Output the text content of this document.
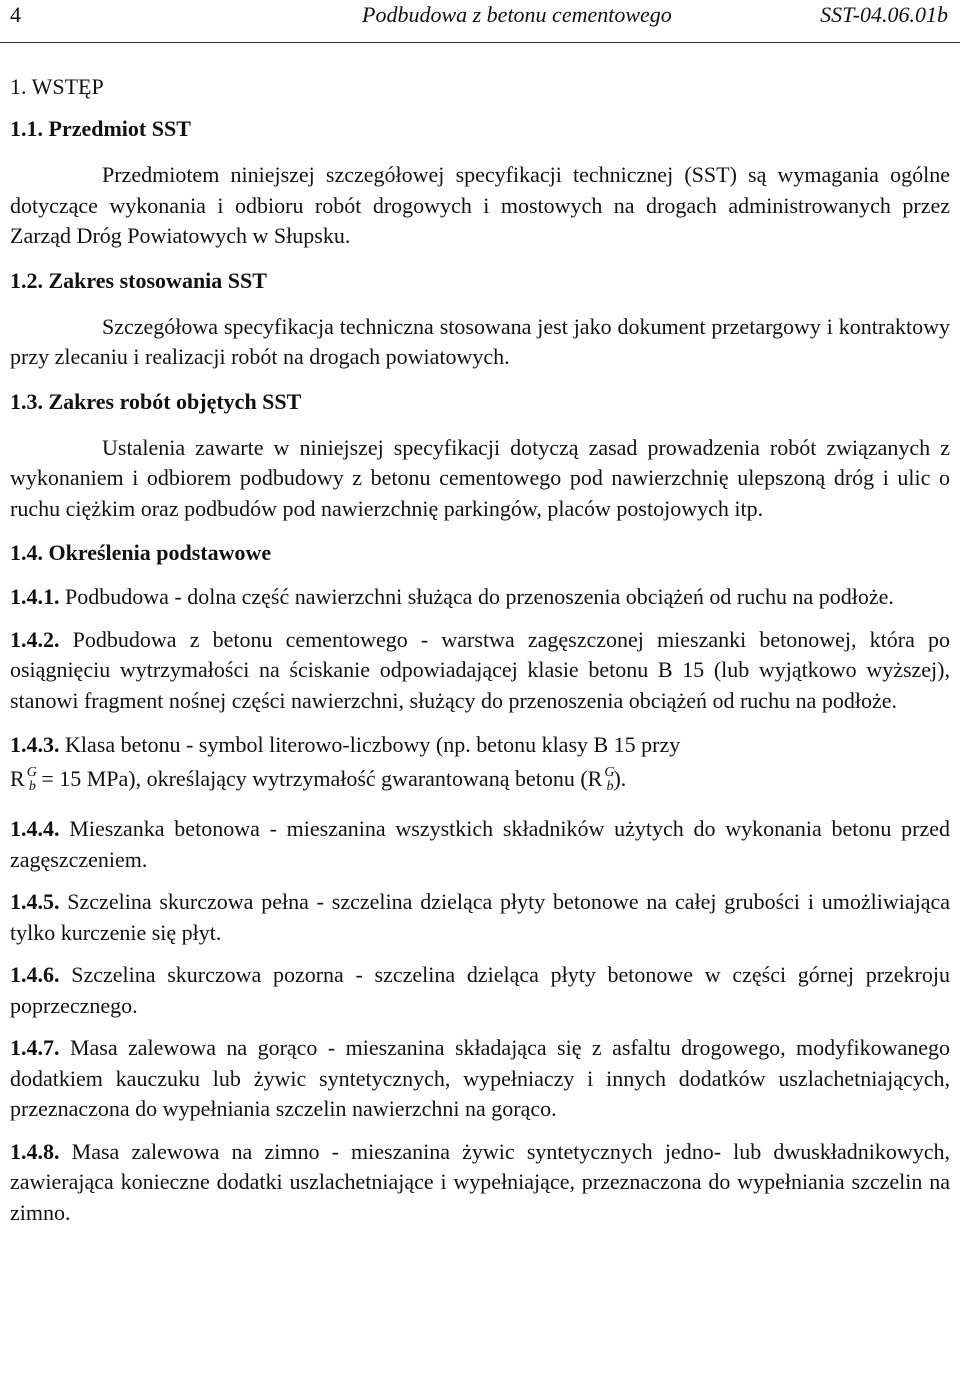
4	Podbudowa z betonu cementowego	SST-04.06.01b
1. WSTĘP
1.1. Przedmiot SST

Przedmiotem niniejszej szczegółowej specyfikacji technicznej (SST) są wymagania ogólne dotyczące wykonania i odbioru robót drogowych i mostowych na drogach administrowanych przez Zarząd Dróg Powiatowych w Słupsku.

1.2. Zakres stosowania SST

Szczegółowa specyfikacja techniczna stosowana jest jako dokument przetargowy i kontraktowy przy zlecaniu i realizacji robót na drogach powiatowych.

1.3. Zakres robót objętych SST

Ustalenia zawarte w niniejszej specyfikacji dotyczą zasad prowadzenia robót związanych z wykonaniem i odbiorem podbudowy z betonu cementowego pod nawierzchnię ulepszoną dróg i ulic o ruchu ciężkim oraz podbudów pod nawierzchnię parkingów, placów postojowych itp.

1.4. Określenia podstawowe

1.4.1. Podbudowa - dolna część nawierzchni służąca do przenoszenia obciążeń od ruchu na podłoże.

1.4.2. Podbudowa z betonu cementowego - warstwa zagęszczonej mieszanki betonowej, która po osiągnięciu wytrzymałości na ściskanie odpowiadającej klasie betonu B 15 (lub wyjątkowo wyższej), stanowi fragment nośnej części nawierzchni, służący do przenoszenia obciążeń od ruchu na podłoże.

1.4.3. Klasa betonu - symbol literowo-liczbowy (np. betonu klasy B 15 przy
R $^G$b = 15 MPa), określający wytrzymałość gwarantowaną betonu (R $^G$b).

1.4.4. Mieszanka betonowa - mieszanina wszystkich składników użytych do wykonania betonu przed zagęszczeniem.

1.4.5. Szczelina skurczowa pełna - szczelina dzieląca płyty betonowe na całej grubości i umożliwiająca tylko kurczenie się płyt.

1.4.6. Szczelina skurczowa pozorna - szczelina dzieląca płyty betonowe w części górnej przekroju poprzecznego.

1.4.7. Masa zalewowa na gorąco - mieszanina składająca się z asfaltu drogowego, modyfikowanego dodatkiem kauczuku lub żywic syntetycznych, wypełniaczy i innych dodatków uszlachetniających, przeznaczona do wypełniania szczelin nawierzchni na gorąco.

1.4.8. Masa zalewowa na zimno - mieszanina żywic syntetycznych jedno- lub dwuskładnikowych, zawierająca konieczne dodatki uszlachetniające i wypełniające, przeznaczona do wypełniania szczelin na zimno.
